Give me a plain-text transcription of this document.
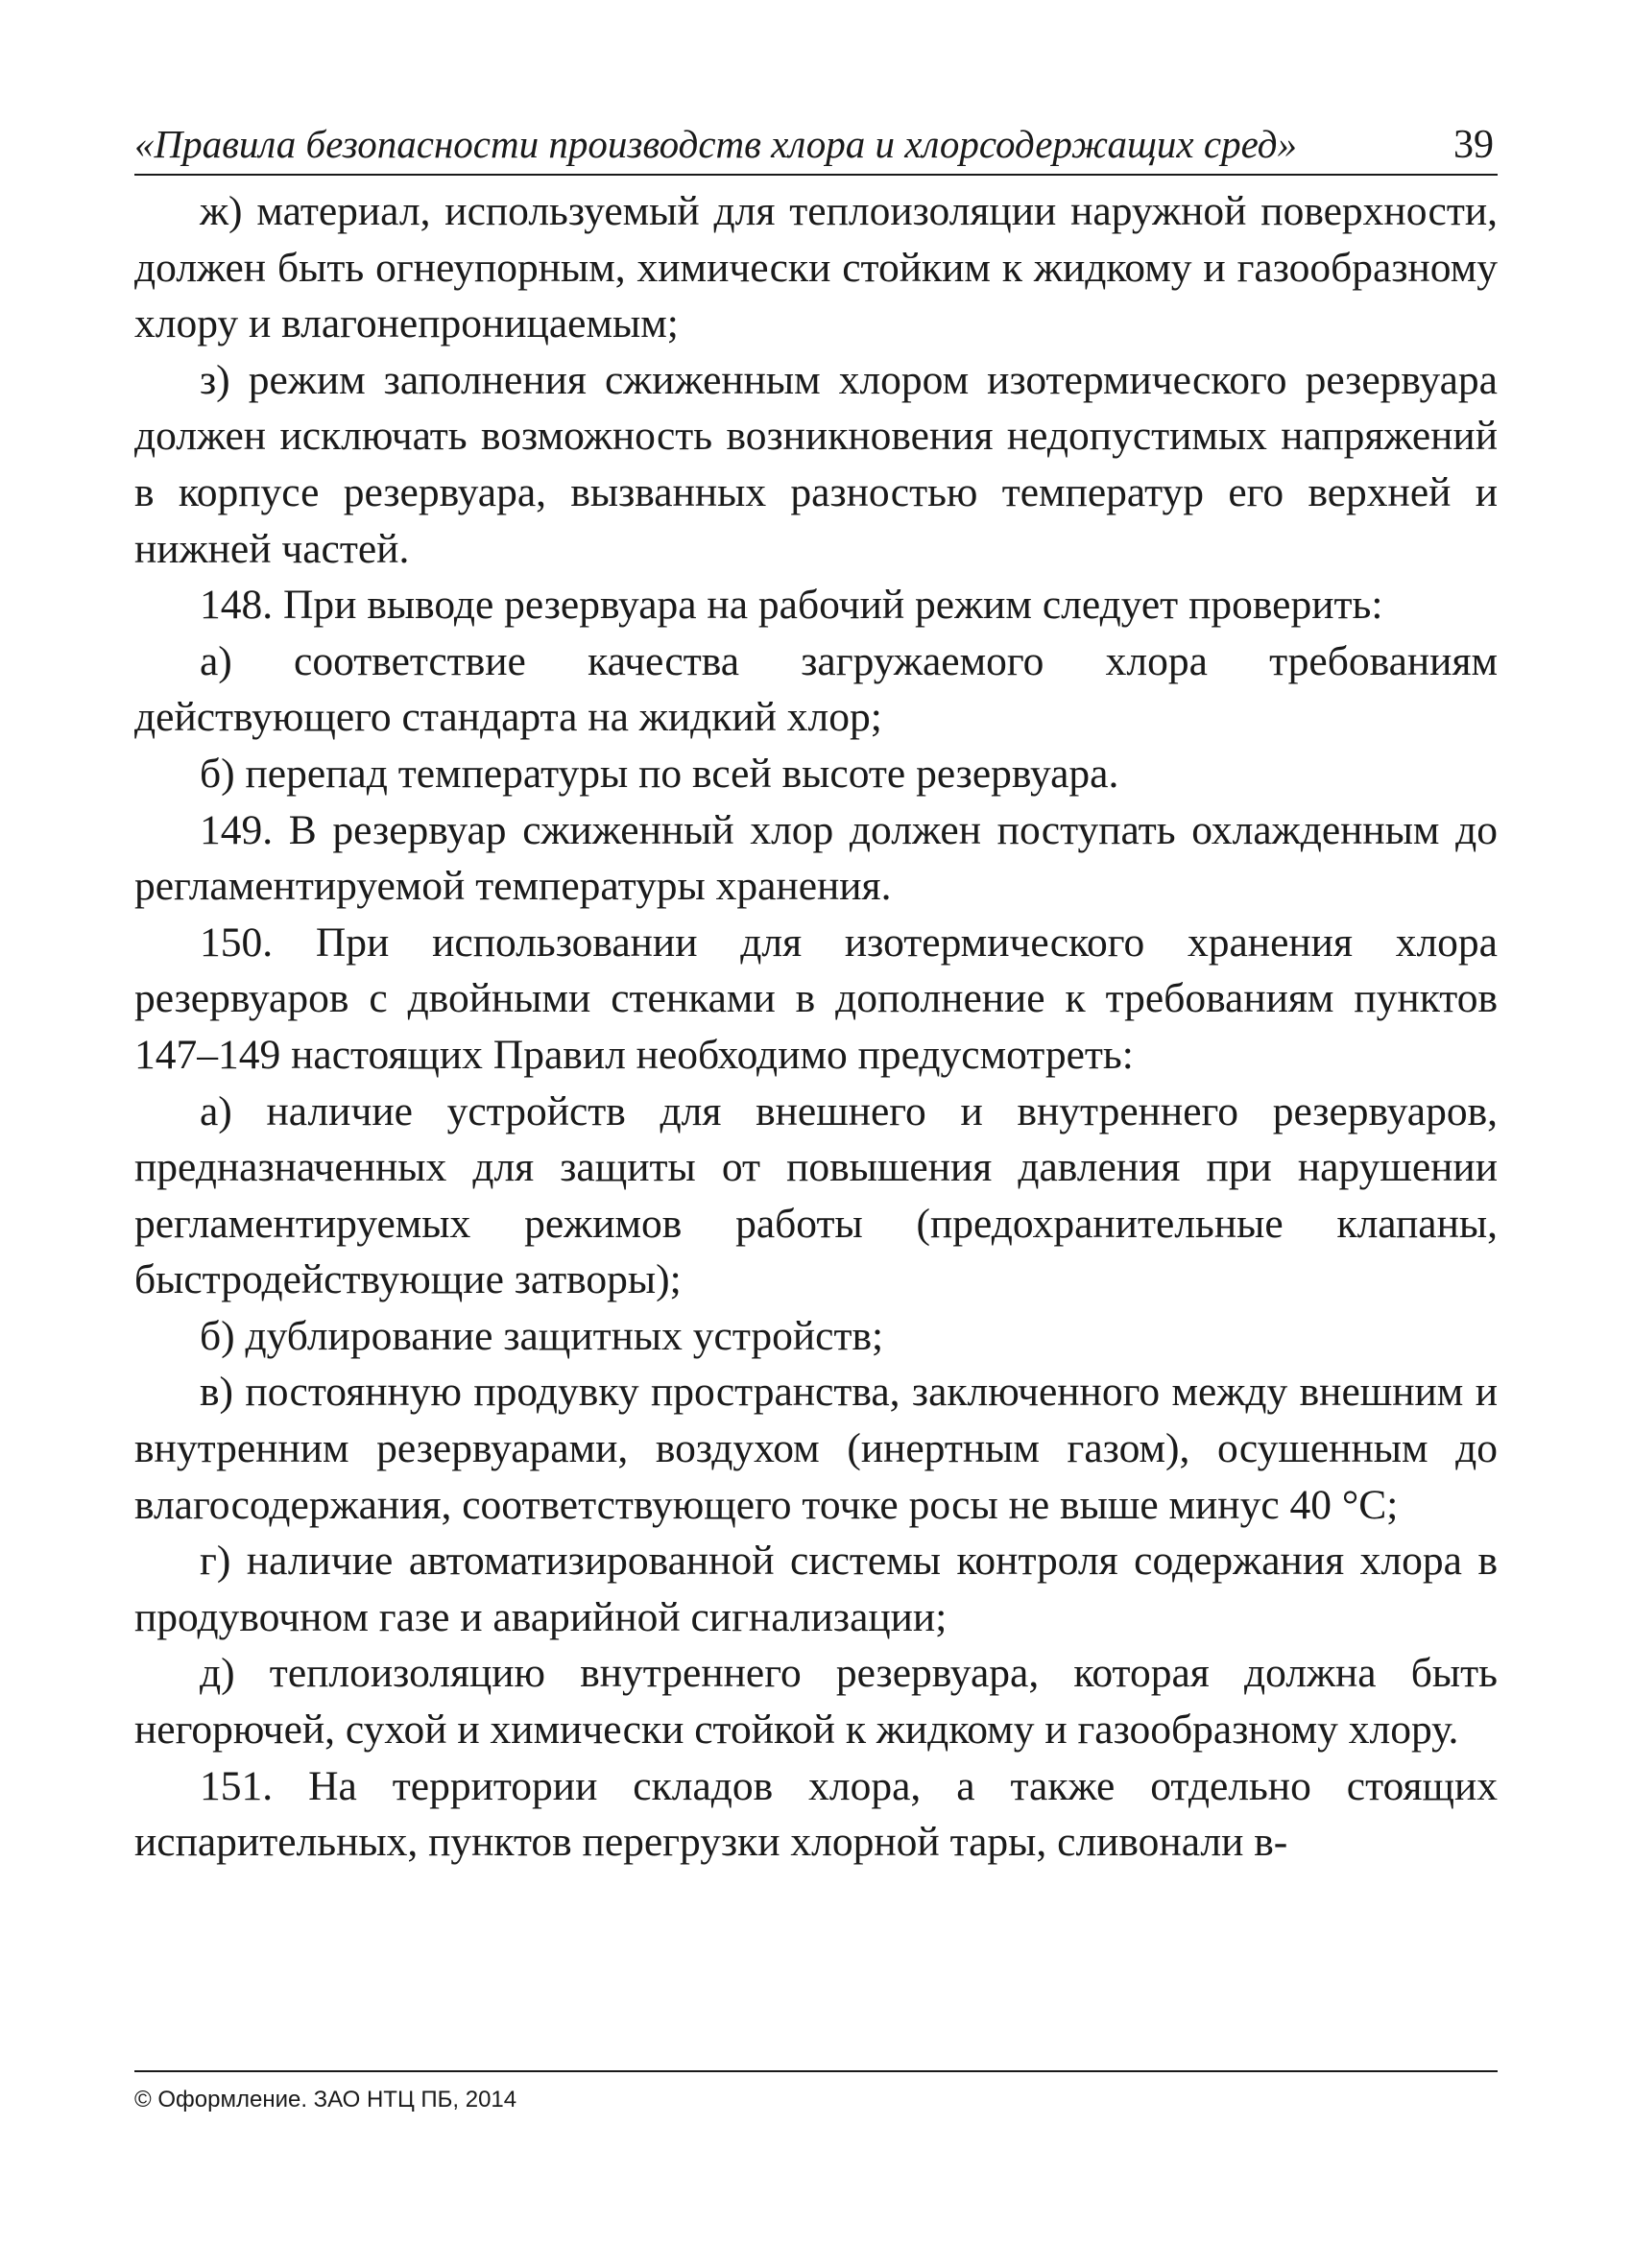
«Правила безопасности производств хлора и хлорсодержащих сред»	39

ж) материал, используемый для теплоизоляции наружной поверхности, должен быть огнеупорным, химически стойким к жидкому и газообразному хлору и влагонепроницаемым;

з) режим заполнения сжиженным хлором изотермического резервуара должен исключать возможность возникновения недопустимых напряжений в корпусе резервуара, вызванных разностью температур его верхней и нижней частей.

148. При выводе резервуара на рабочий режим следует проверить:

а) соответствие качества загружаемого хлора требованиям действующего стандарта на жидкий хлор;

б) перепад температуры по всей высоте резервуара.

149. В резервуар сжиженный хлор должен поступать охлажденным до регламентируемой температуры хранения.

150. При использовании для изотермического хранения хлора резервуаров с двойными стенками в дополнение к требованиям пунктов 147–149 настоящих Правил необходимо предусмотреть:

а) наличие устройств для внешнего и внутреннего резервуаров, предназначенных для защиты от повышения давления при нарушении регламентируемых режимов работы (предохранительные клапаны, быстродействующие затворы);

б) дублирование защитных устройств;

в) постоянную продувку пространства, заключенного между внешним и внутренним резервуарами, воздухом (инертным газом), осушенным до влагосодержания, соответствующего точке росы не выше минус 40 °С;

г) наличие автоматизированной системы контроля содержания хлора в продувочном газе и аварийной сигнализации;

д) теплоизоляцию внутреннего резервуара, которая должна быть негорючей, сухой и химически стойкой к жидкому и газообразному хлору.

151. На территории складов хлора, а также отдельно стоящих испарительных, пунктов перегрузки хлорной тары, сливонали в-

© Оформление. ЗАО НТЦ ПБ, 2014
